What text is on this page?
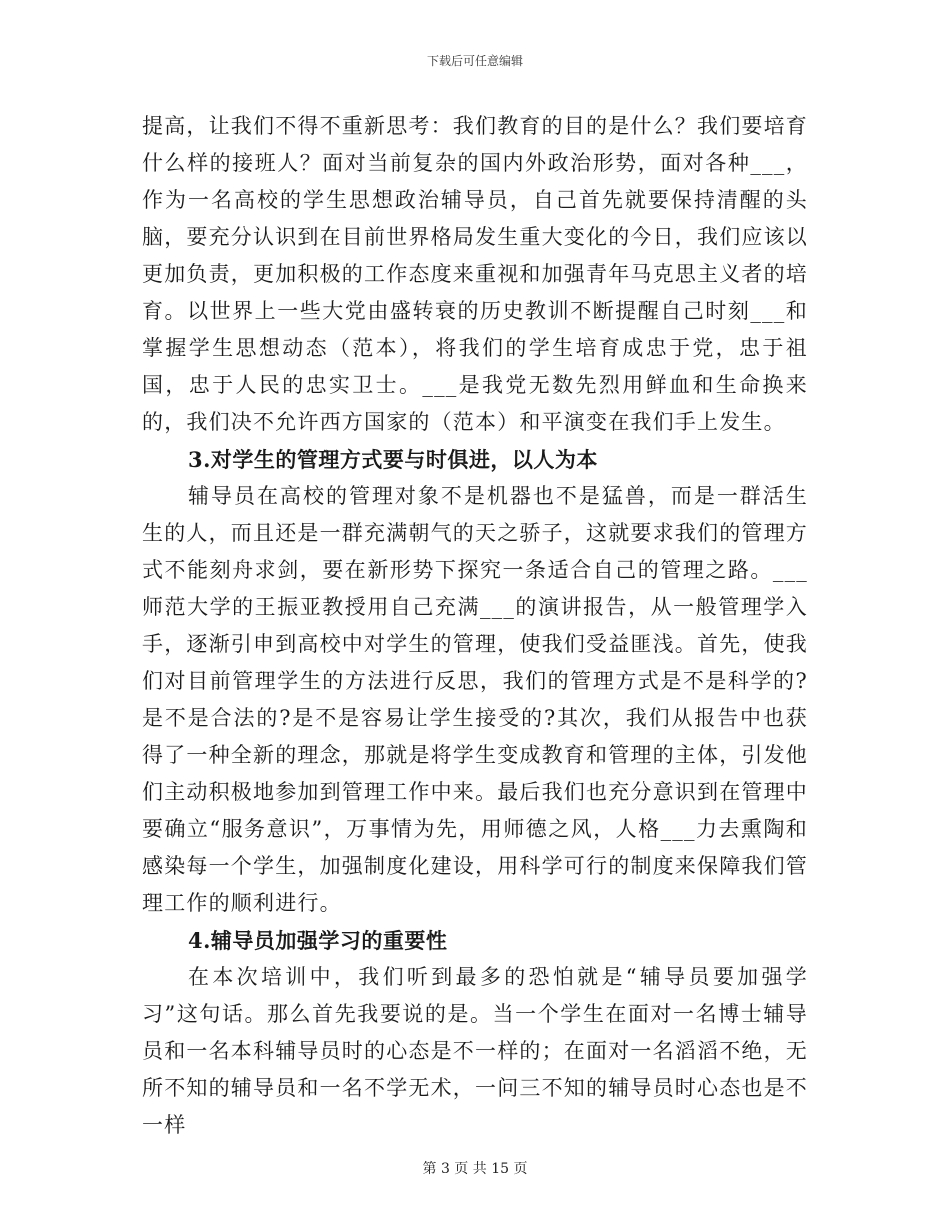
下载后可任意编辑

提高，让我们不得不重新思考：我们教育的目的是什么？我们要培育什么样的接班人？面对当前复杂的国内外政治形势，面对各种___，作为一名高校的学生思想政治辅导员，自己首先就要保持清醒的头脑，要充分认识到在目前世界格局发生重大变化的今日，我们应该以更加负责，更加积极的工作态度来重视和加强青年马克思主义者的培育。以世界上一些大党由盛转衰的历史教训不断提醒自己时刻___和掌握学生思想动态（范本），将我们的学生培育成忠于党，忠于祖国，忠于人民的忠实卫士。___是我党无数先烈用鲜血和生命换来的，我们决不允许西方国家的（范本）和平演变在我们手上发生。

3.对学生的管理方式要与时俱进，以人为本

辅导员在高校的管理对象不是机器也不是猛兽，而是一群活生生的人，而且还是一群充满朝气的天之骄子，这就要求我们的管理方式不能刻舟求剑，要在新形势下探究一条适合自己的管理之路。___师范大学的王振亚教授用自己充满___的演讲报告，从一般管理学入手，逐渐引申到高校中对学生的管理，使我们受益匪浅。首先，使我们对目前管理学生的方法进行反思，我们的管理方式是不是科学的?是不是合法的?是不是容易让学生接受的?其次，我们从报告中也获得了一种全新的理念，那就是将学生变成教育和管理的主体，引发他们主动积极地参加到管理工作中来。最后我们也充分意识到在管理中要确立“服务意识”，万事情为先，用师德之风，人格___力去熏陶和感染每一个学生，加强制度化建设，用科学可行的制度来保障我们管理工作的顺利进行。

4.辅导员加强学习的重要性

在本次培训中，我们听到最多的恐怕就是“辅导员要加强学习”这句话。那么首先我要说的是。当一个学生在面对一名博士辅导员和一名本科辅导员时的心态是不一样的；在面对一名滔滔不绝，无所不知的辅导员和一名不学无术，一问三不知的辅导员时心态也是不一样

第 3 页 共 15 页
